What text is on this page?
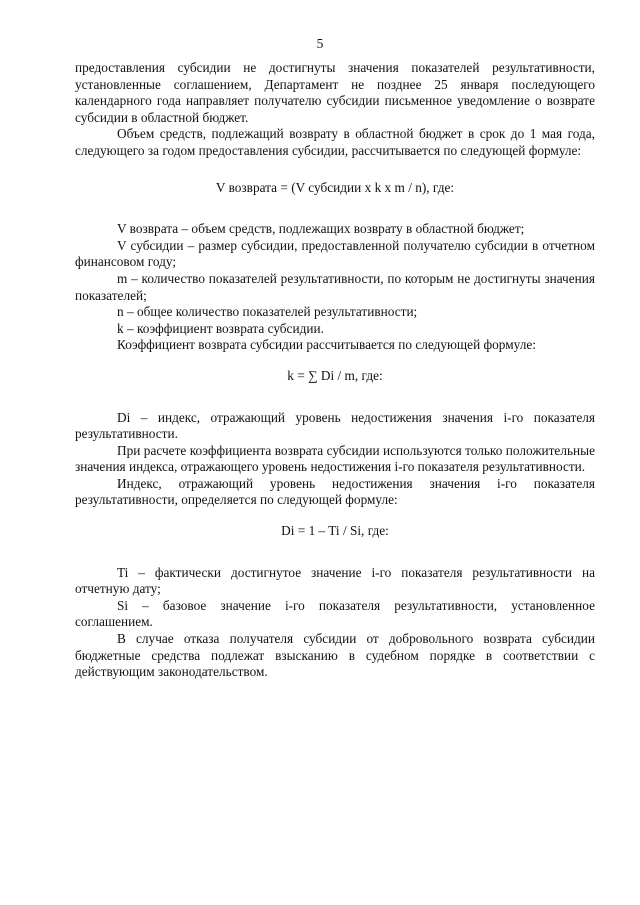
5

предоставления субсидии не достигнуты значения показателей результативности, установленные соглашением, Департамент не позднее 25 января последующего календарного года направляет получателю субсидии письменное уведомление о возврате субсидии в областной бюджет.

Объем средств, подлежащий возврату в областной бюджет в срок до 1 мая года, следующего за годом предоставления субсидии, рассчитывается по следующей формуле:

V возврата = (V субсидии x k x m / n), где:

V возврата – объем средств, подлежащих возврату в областной бюджет;

V субсидии – размер субсидии, предоставленной получателю субсидии в отчетном финансовом году;

m – количество показателей результативности, по которым не достигнуты значения показателей;

n – общее количество показателей результативности;

k – коэффициент возврата субсидии.

Коэффициент возврата субсидии рассчитывается по следующей формуле:

k = ∑ Di / m, где:

Di – индекс, отражающий уровень недостижения значения i-го показателя результативности.

При расчете коэффициента возврата субсидии используются только положительные значения индекса, отражающего уровень недостижения i-го показателя результативности.

Индекс, отражающий уровень недостижения значения i-го показателя результативности, определяется по следующей формуле:

Di = 1 – Ti / Si, где:

Ti – фактически достигнутое значение i-го показателя результативности на отчетную дату;

Si – базовое значение i-го показателя результативности, установленное соглашением.

В случае отказа получателя субсидии от добровольного возврата субсидии бюджетные средства подлежат взысканию в судебном порядке в соответствии с действующим законодательством.
